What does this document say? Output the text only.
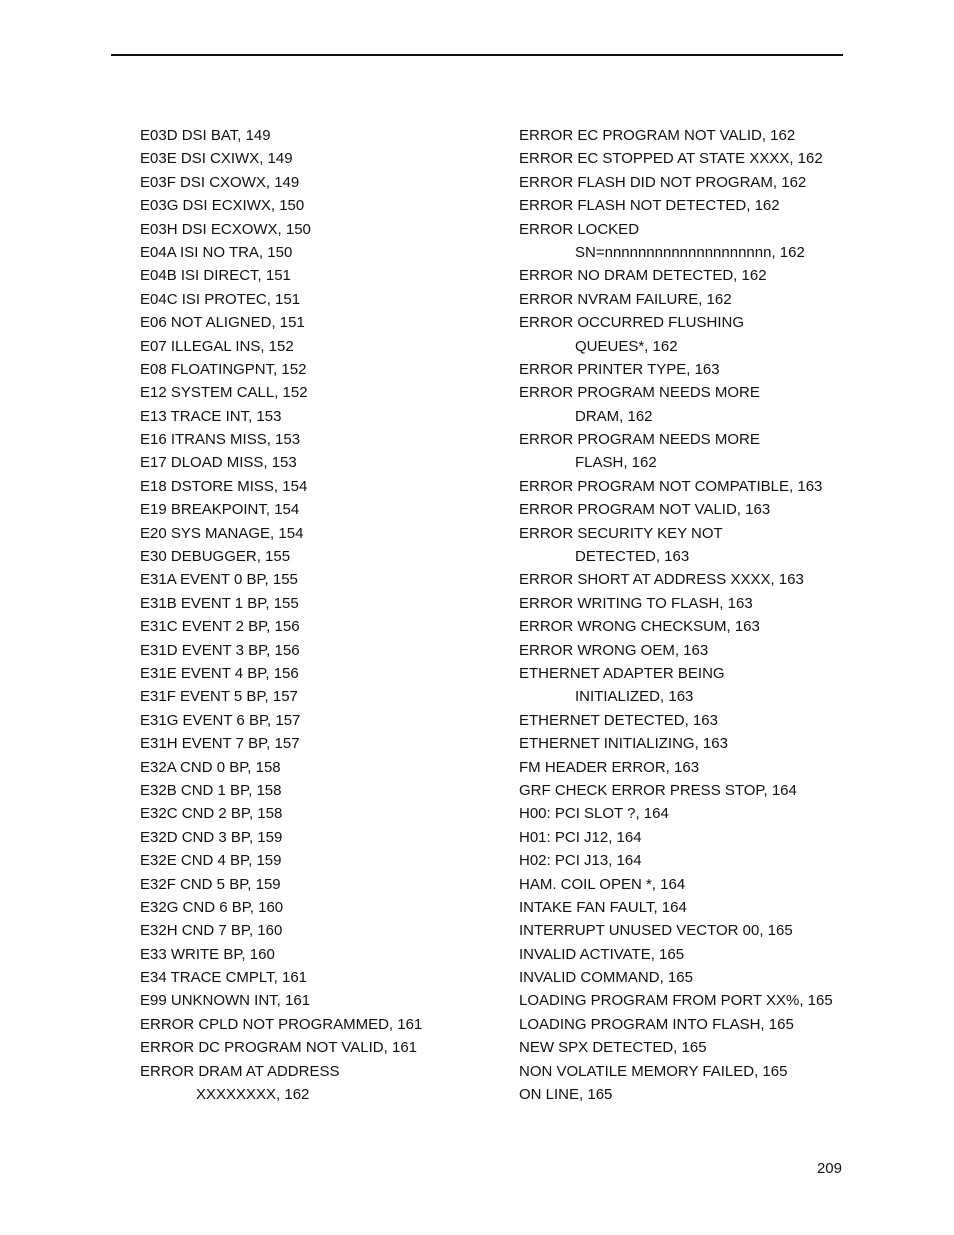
E03D DSI BAT, 149
E03E DSI CXIWX, 149
E03F DSI CXOWX, 149
E03G DSI ECXIWX, 150
E03H DSI ECXOWX, 150
E04A ISI NO TRA, 150
E04B ISI DIRECT, 151
E04C ISI PROTEC, 151
E06 NOT ALIGNED, 151
E07 ILLEGAL INS, 152
E08 FLOATINGPNT, 152
E12 SYSTEM CALL, 152
E13 TRACE INT, 153
E16 ITRANS MISS, 153
E17 DLOAD MISS, 153
E18 DSTORE MISS, 154
E19 BREAKPOINT, 154
E20 SYS MANAGE, 154
E30 DEBUGGER, 155
E31A EVENT 0 BP, 155
E31B EVENT 1 BP, 155
E31C EVENT 2 BP, 156
E31D EVENT 3 BP, 156
E31E EVENT 4 BP, 156
E31F EVENT 5 BP, 157
E31G EVENT 6 BP, 157
E31H EVENT 7 BP, 157
E32A CND 0 BP, 158
E32B CND 1 BP, 158
E32C CND 2 BP, 158
E32D CND 3 BP, 159
E32E CND 4 BP, 159
E32F CND 5 BP, 159
E32G CND 6 BP, 160
E32H CND 7 BP, 160
E33 WRITE BP, 160
E34 TRACE CMPLT, 161
E99 UNKNOWN INT, 161
ERROR CPLD NOT PROGRAMMED, 161
ERROR DC PROGRAM NOT VALID, 161
ERROR DRAM AT ADDRESS
XXXXXXXX, 162
ERROR EC PROGRAM NOT VALID, 162
ERROR EC STOPPED AT STATE XXXX, 162
ERROR FLASH DID NOT PROGRAM, 162
ERROR FLASH NOT DETECTED, 162
ERROR LOCKED
SN=nnnnnnnnnnnnnnnnnnnn, 162
ERROR NO DRAM DETECTED, 162
ERROR NVRAM FAILURE, 162
ERROR OCCURRED FLUSHING
QUEUES*, 162
ERROR PRINTER TYPE, 163
ERROR PROGRAM NEEDS MORE
DRAM, 162
ERROR PROGRAM NEEDS MORE
FLASH, 162
ERROR PROGRAM NOT COMPATIBLE, 163
ERROR PROGRAM NOT VALID, 163
ERROR SECURITY KEY NOT
DETECTED, 163
ERROR SHORT AT ADDRESS XXXX, 163
ERROR WRITING TO FLASH, 163
ERROR WRONG CHECKSUM, 163
ERROR WRONG OEM, 163
ETHERNET ADAPTER BEING
INITIALIZED, 163
ETHERNET DETECTED, 163
ETHERNET INITIALIZING, 163
FM HEADER ERROR, 163
GRF CHECK ERROR PRESS STOP, 164
H00: PCI SLOT ?, 164
H01: PCI J12, 164
H02: PCI J13, 164
HAM. COIL OPEN *, 164
INTAKE FAN FAULT, 164
INTERRUPT UNUSED VECTOR 00, 165
INVALID ACTIVATE, 165
INVALID COMMAND, 165
LOADING PROGRAM FROM PORT XX%, 165
LOADING PROGRAM INTO FLASH, 165
NEW SPX DETECTED, 165
NON VOLATILE MEMORY FAILED, 165
ON LINE, 165
209
